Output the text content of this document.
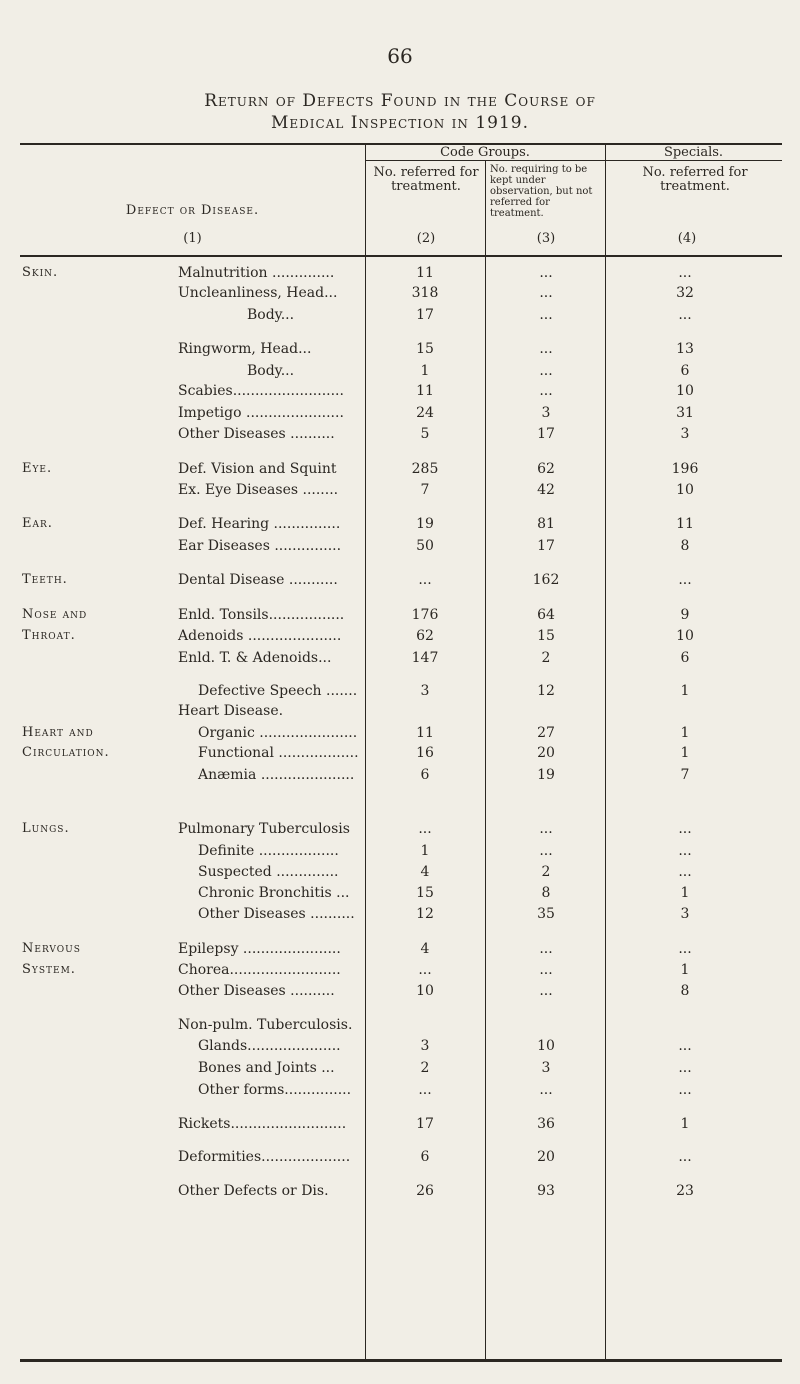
66
Return of Defects Found in the Course of
Medical Inspection in 1919.
Code Groups.	Specials.
Defect or Disease.
(1)
No. referred for treatment.
(2)
No. requiring to be kept under observation, but not referred for treatment.
(3)
No. referred for treatment.
(4)
Skin.	Malnutrition ..............	11	...	...
Uncleanliness, Head...	318	...	32
Body...	17	...	...
Ringworm, Head...	15	...	13
Body...	1	...	6
Scabies.........................	11	...	10
Impetigo ......................	24	3	31
Other Diseases ..........	5	17	3
Eye.	Def. Vision and Squint	285	62	196
Ex. Eye Diseases ........	7	42	10
Ear.	Def. Hearing ...............	19	81	11
Ear Diseases ...............	50	17	8
Teeth.	Dental Disease ...........	...	162	...
Nose and	Enld. Tonsils.................	176	64	9
Throat.	Adenoids .....................	62	15	10
Enld. T. & Adenoids...	147	2	6
Defective Speech .......	3	12	1
Heart Disease.
Heart and	Organic ......................	11	27	1
Circulation.	Functional ..................	16	20	1
Anæmia .....................	6	19	7
Lungs.	Pulmonary Tuberculosis	...	...	...
Definite ..................	1	...	...
Suspected ..............	4	2	...
Chronic Bronchitis ...	15	8	1
Other Diseases ..........	12	35	3
Nervous	Epilepsy ......................	4	...	...
System.	Chorea.........................	...	...	1
Other Diseases ..........	10	...	8
Non-pulm. Tuberculosis.
Glands.....................	3	10	...
Bones and Joints ...	2	3	...
Other forms...............	...	...	...
Rickets..........................	17	36	1
Deformities....................	6	20	...
Other Defects or Dis.	26	93	23
